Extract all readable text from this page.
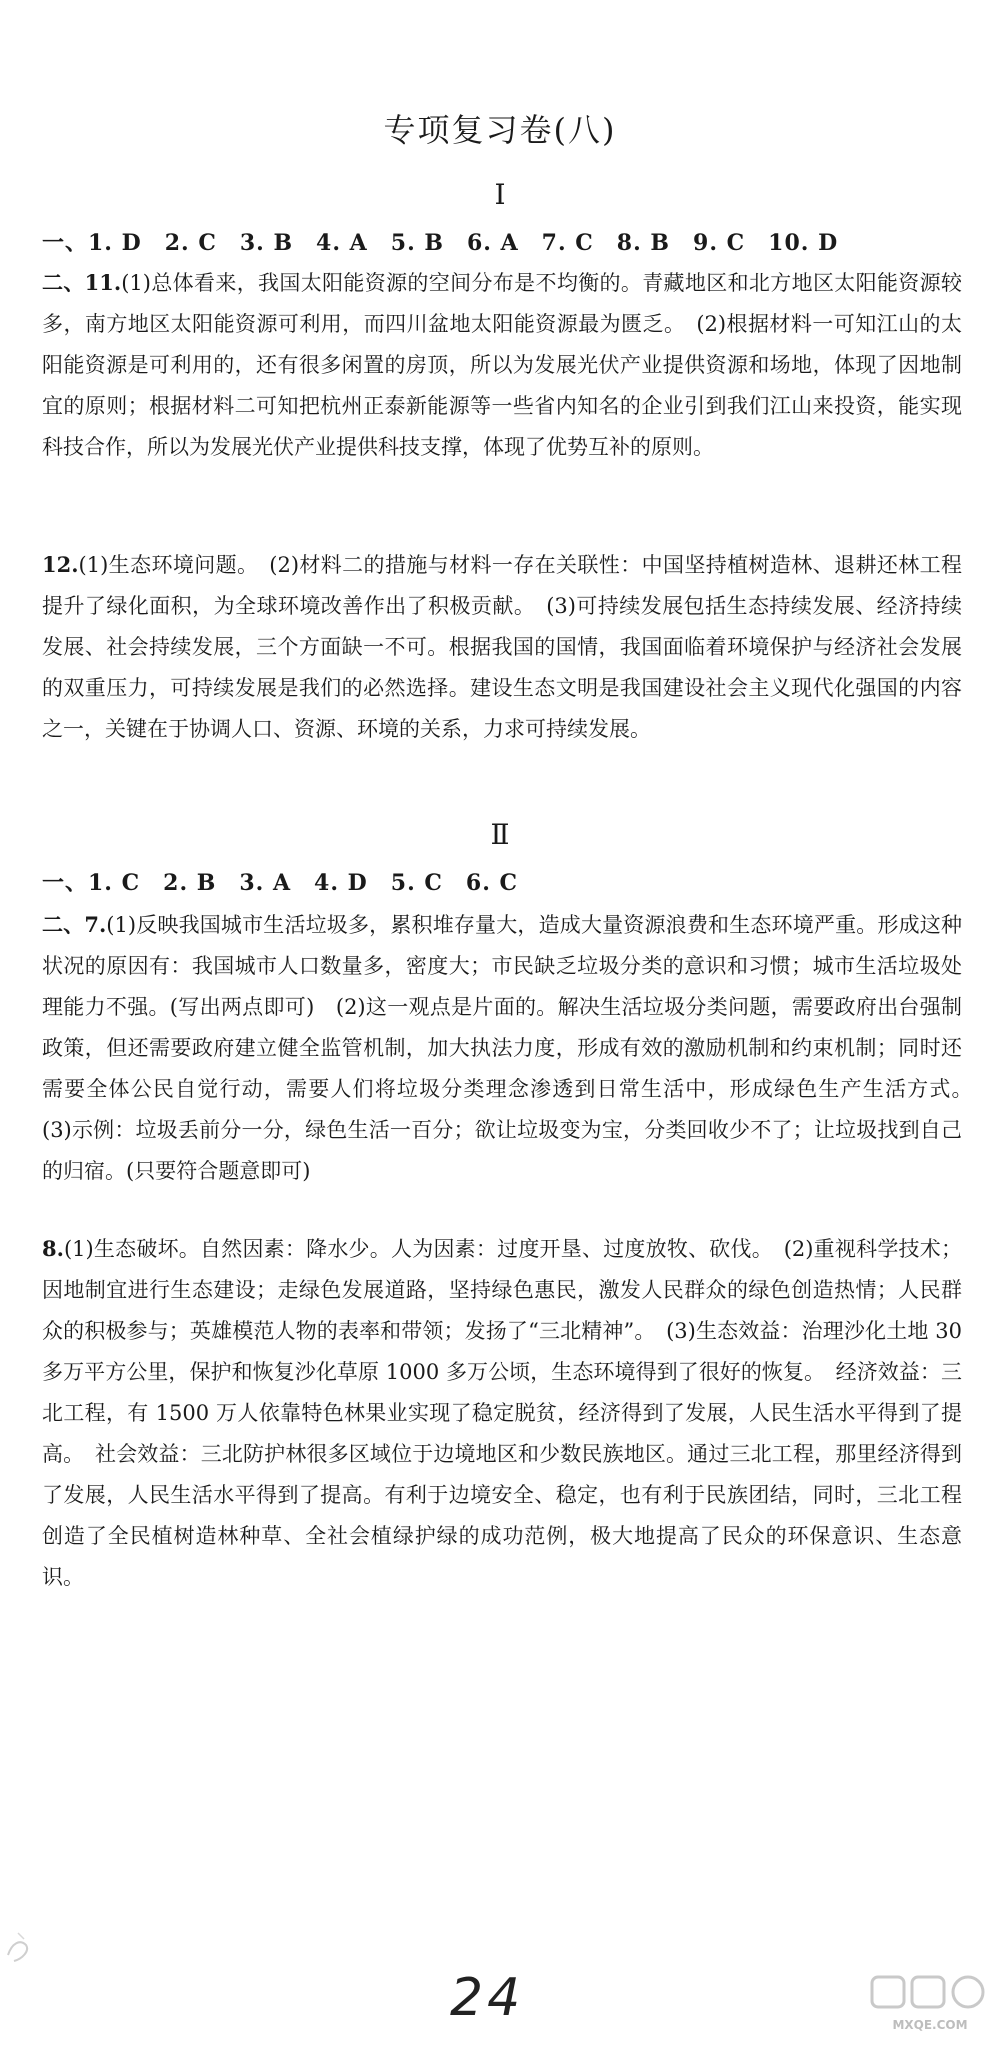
专项复习卷(八)
Ⅰ
一、1. D　2. C　3. B　4. A　5. B　6. A　7. C　8. B　9. C　10. D

二、11.(1)总体看来，我国太阳能资源的空间分布是不均衡的。青藏地区和北方地区太阳能资源较多，南方地区太阳能资源可利用，而四川盆地太阳能资源最为匮乏。　(2)根据材料一可知江山的太阳能资源是可利用的，还有很多闲置的房顶，所以为发展光伏产业提供资源和场地，体现了因地制宜的原则；根据材料二可知把杭州正泰新能源等一些省内知名的企业引到我们江山来投资，能实现科技合作，所以为发展光伏产业提供科技支撑，体现了优势互补的原则。

12.(1)生态环境问题。　(2)材料二的措施与材料一存在关联性：中国坚持植树造林、退耕还林工程提升了绿化面积，为全球环境改善作出了积极贡献。　(3)可持续发展包括生态持续发展、经济持续发展、社会持续发展，三个方面缺一不可。根据我国的国情，我国面临着环境保护与经济社会发展的双重压力，可持续发展是我们的必然选择。建设生态文明是我国建设社会主义现代化强国的内容之一，关键在于协调人口、资源、环境的关系，力求可持续发展。

Ⅱ
一、1. C　2. B　3. A　4. D　5. C　6. C

二、7.(1)反映我国城市生活垃圾多，累积堆存量大，造成大量资源浪费和生态环境严重。形成这种状况的原因有：我国城市人口数量多，密度大；市民缺乏垃圾分类的意识和习惯；城市生活垃圾处理能力不强。(写出两点即可)　(2)这一观点是片面的。解决生活垃圾分类问题，需要政府出台强制政策，但还需要政府建立健全监管机制，加大执法力度，形成有效的激励机制和约束机制；同时还需要全体公民自觉行动，需要人们将垃圾分类理念渗透到日常生活中，形成绿色生产生活方式。　(3)示例：垃圾丢前分一分，绿色生活一百分；欲让垃圾变为宝，分类回收少不了；让垃圾找到自己的归宿。(只要符合题意即可)

8.(1)生态破坏。自然因素：降水少。人为因素：过度开垦、过度放牧、砍伐。　(2)重视科学技术；因地制宜进行生态建设；走绿色发展道路，坚持绿色惠民，激发人民群众的绿色创造热情；人民群众的积极参与；英雄模范人物的表率和带领；发扬了“三北精神”。　(3)生态效益：治理沙化土地 30 多万平方公里，保护和恢复沙化草原 1000 多万公顷，生态环境得到了很好的恢复。　经济效益：三北工程，有 1500 万人依靠特色林果业实现了稳定脱贫，经济得到了发展，人民生活水平得到了提高。　社会效益：三北防护林很多区域位于边境地区和少数民族地区。通过三北工程，那里经济得到了发展，人民生活水平得到了提高。有利于边境安全、稳定，也有利于民族团结，同时，三北工程创造了全民植树造林种草、全社会植绿护绿的成功范例，极大地提高了民众的环保意识、生态意识。

24	MXQE.COM
